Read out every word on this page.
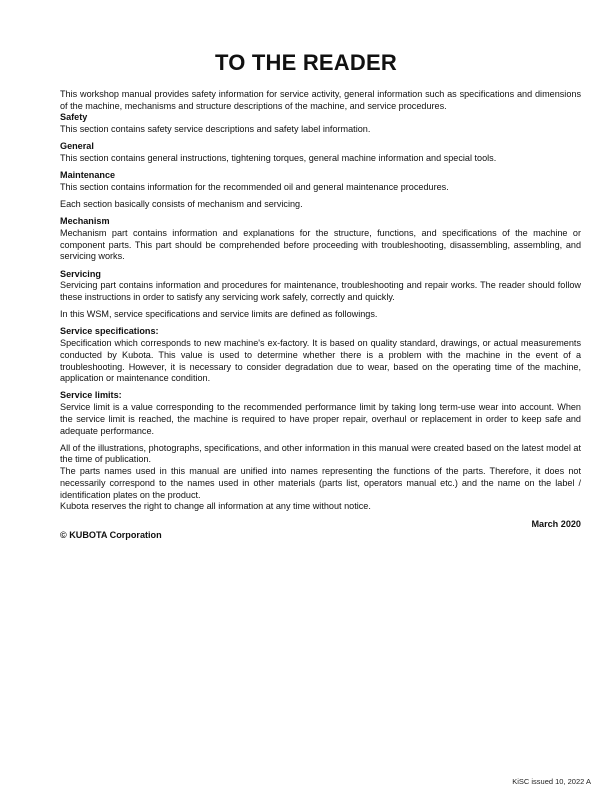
TO THE READER

This workshop manual provides safety information for service activity, general information such as specifications and dimensions of the machine, mechanisms and structure descriptions of the machine, and service procedures.

Safety

This section contains safety service descriptions and safety label information.

General

This section contains general instructions, tightening torques, general machine information and special tools.

Maintenance

This section contains information for the recommended oil and general maintenance procedures.

Each section basically consists of mechanism and servicing.

Mechanism

Mechanism part contains information and explanations for the structure, functions, and specifications of the machine or component parts. This part should be comprehended before proceeding with troubleshooting, disassembling, assembling, and servicing works.

Servicing

Servicing part contains information and procedures for maintenance, troubleshooting and repair works. The reader should follow these instructions in order to satisfy any servicing work safely, correctly and quickly.

In this WSM, service specifications and service limits are defined as followings.

Service specifications:

Specification which corresponds to new machine's ex-factory. It is based on quality standard, drawings, or actual measurements conducted by Kubota. This value is used to determine whether there is a problem with the machine in the event of a troubleshooting. However, it is necessary to consider degradation due to wear, based on the operating time of the machine, application or maintenance condition.

Service limits:

Service limit is a value corresponding to the recommended performance limit by taking long term-use wear into account. When the service limit is reached, the machine is required to have proper repair, overhaul or replacement in order to keep safe and adequate performance.

All of the illustrations, photographs, specifications, and other information in this manual were created based on the latest model at the time of publication.

The parts names used in this manual are unified into names representing the functions of the parts. Therefore, it does not necessarily correspond to the names used in other materials (parts list, operators manual etc.) and the name on the label / identification plates on the product.

Kubota reserves the right to change all information at any time without notice.

March 2020

© KUBOTA Corporation

KiSC issued 10, 2022 A
